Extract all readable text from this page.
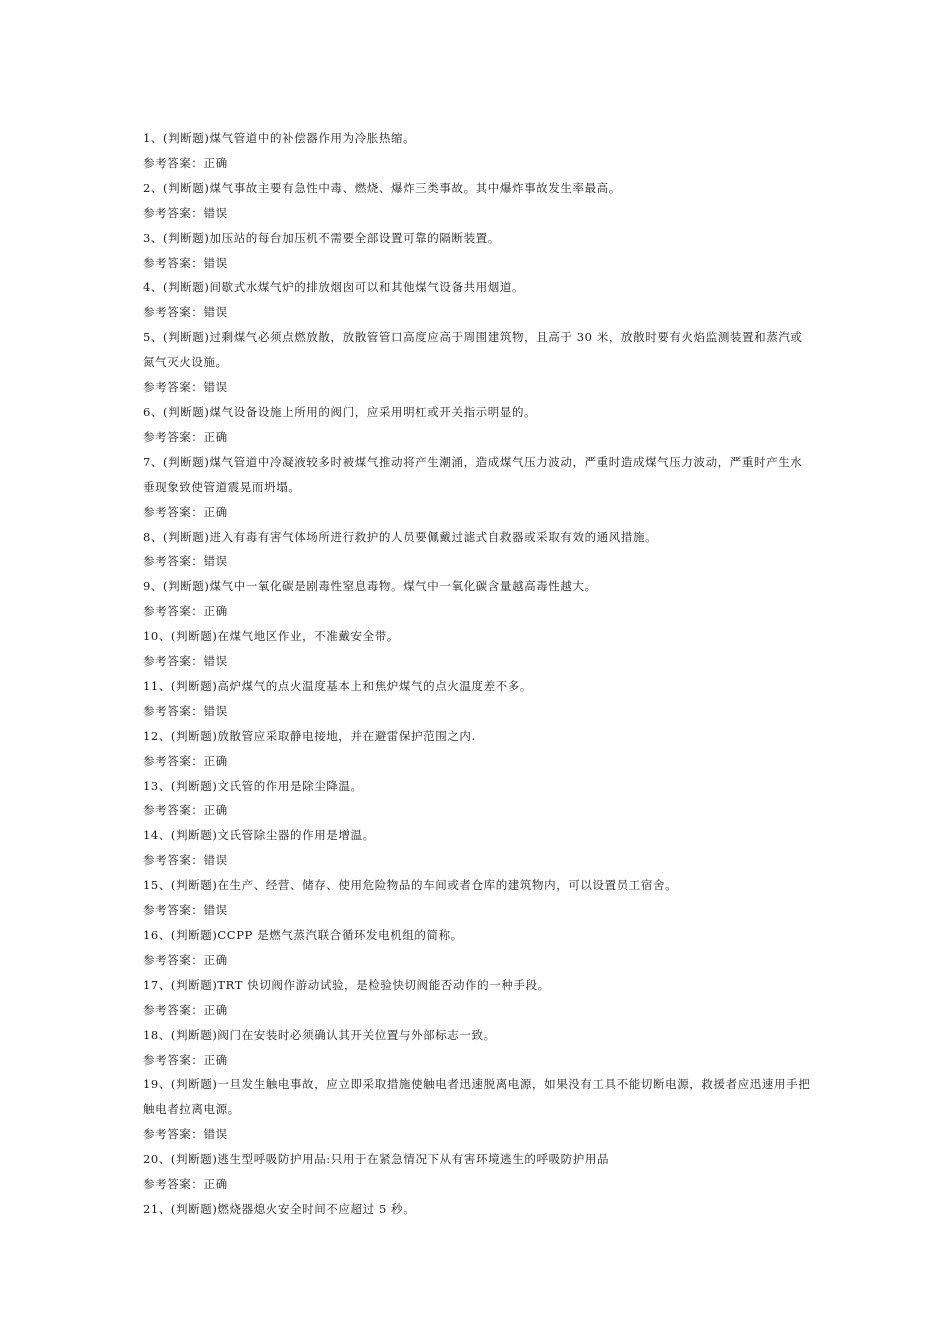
1、(判断题)煤气管道中的补偿器作用为冷胀热缩。
参考答案：正确
2、(判断题)煤气事故主要有急性中毒、燃烧、爆炸三类事故。其中爆炸事故发生率最高。
参考答案：错误
3、(判断题)加压站的每台加压机不需要全部设置可靠的隔断装置。
参考答案：错误
4、(判断题)间歇式水煤气炉的排放烟囱可以和其他煤气设备共用烟道。
参考答案：错误
5、(判断题)过剩煤气必须点燃放散，放散管管口高度应高于周围建筑物，且高于 30 米，放散时要有火焰监测装置和蒸汽或氮气灭火设施。
参考答案：错误
6、(判断题)煤气设备设施上所用的阀门，应采用明杠或开关指示明显的。
参考答案：正确
7、(判断题)煤气管道中冷凝液较多时被煤气推动将产生潮涌，造成煤气压力波动，严重时造成煤气压力波动，严重时产生水垂现象致使管道震晃而坍塌。
参考答案：正确
8、(判断题)进入有毒有害气体场所进行救护的人员要佩戴过滤式自救器或采取有效的通风措施。
参考答案：错误
9、(判断题)煤气中一氧化碳是剧毒性窒息毒物。煤气中一氧化碳含量越高毒性越大。
参考答案：正确
10、(判断题)在煤气地区作业，不准戴安全带。
参考答案：错误
11、(判断题)高炉煤气的点火温度基本上和焦炉煤气的点火温度差不多。
参考答案：错误
12、(判断题)放散管应采取静电接地，并在避雷保护范围之内.
参考答案：正确
13、(判断题)文氏管的作用是除尘降温。
参考答案：正确
14、(判断题)文氏管除尘器的作用是增温。
参考答案：错误
15、(判断题)在生产、经营、储存、使用危险物品的车间或者仓库的建筑物内，可以设置员工宿舍。
参考答案：错误
16、(判断题)CCPP 是燃气蒸汽联合循环发电机组的简称。
参考答案：正确
17、(判断题)TRT 快切阀作游动试验，是检验快切阀能否动作的一种手段。
参考答案：正确
18、(判断题)阀门在安装时必须确认其开关位置与外部标志一致。
参考答案：正确
19、(判断题)一旦发生触电事故，应立即采取措施使触电者迅速脱离电源，如果没有工具不能切断电源，救援者应迅速用手把触电者拉离电源。
参考答案：错误
20、(判断题)逃生型呼吸防护用品:只用于在紧急情况下从有害环境逃生的呼吸防护用品
参考答案：正确
21、(判断题)燃烧器熄火安全时间不应超过 5 秒。
